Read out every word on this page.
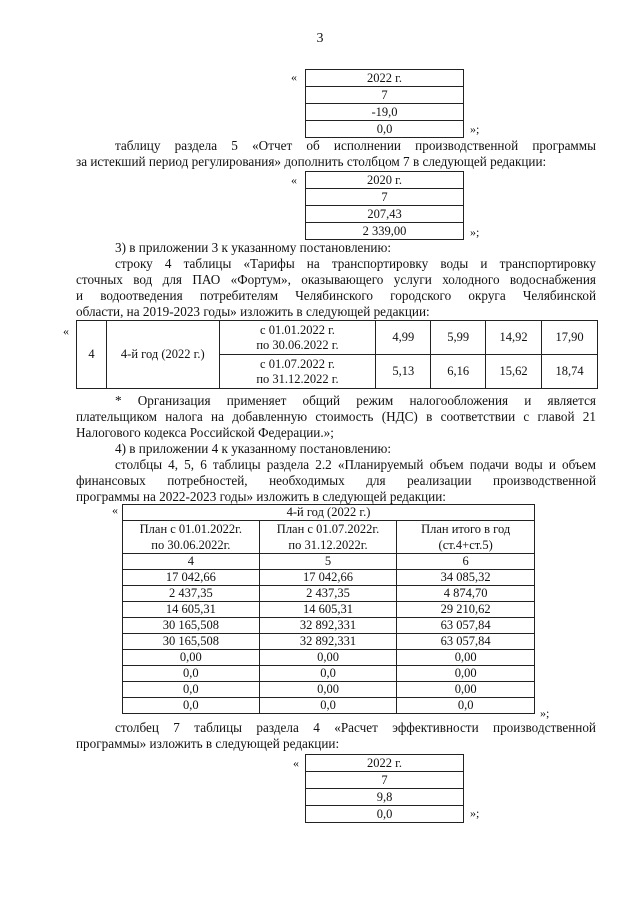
3
«	2022 г.
7
-19,0
0,0	»;
таблицу раздела 5 «Отчет об исполнении производственной программы
за истекший период регулирования» дополнить столбцом 7 в следующей редакции:
«	2020 г.
7
207,43
2 339,00	»;
3) в приложении 3 к указанному постановлению:
строку 4 таблицы «Тарифы на транспортировку воды и транспортировку
сточных вод для ПАО «Фортум», оказывающего услуги холодного водоснабжения
и водоотведения потребителям Челябинского городского округа Челябинской
области, на 2019-2023 годы» изложить в следующей редакции:
«
4	4-й год (2022 г.)	с 01.01.2022 г.
по 30.06.2022 г.	4,99	5,99	14,92	17,90
		с 01.07.2022 г.
по 31.12.2022 г.	5,13	6,16	15,62	18,74
* Организация применяет общий режим налогообложения и является
плательщиком налога на добавленную стоимость (НДС) в соответствии с главой 21
Налогового кодекса Российской Федерации.»;
4) в приложении 4 к указанному постановлению:
столбцы 4, 5, 6 таблицы раздела 2.2 «Планируемый объем подачи воды и объем
финансовых потребностей, необходимых для реализации производственной
программы на 2022-2023 годы» изложить в следующей редакции:
«	4-й год (2022 г.)		
План с 01.01.2022г.
по 30.06.2022г.	План с 01.07.2022г.
по 31.12.2022г.	План итого в год
(ст.4+ст.5)
4	5	6
17 042,66	17 042,66	34 085,32
2 437,35	2 437,35	4 874,70
14 605,31	14 605,31	29 210,62
30 165,508	32 892,331	63 057,84
30 165,508	32 892,331	63 057,84
0,00	0,00	0,00
0,0	0,0	0,00
0,0	0,00	0,00
0,0	0,0	0,0
»;
столбец 7 таблицы раздела 4 «Расчет эффективности производственной
программы» изложить в следующей редакции:
«	2022 г.
7
9,8
0,0	»;
